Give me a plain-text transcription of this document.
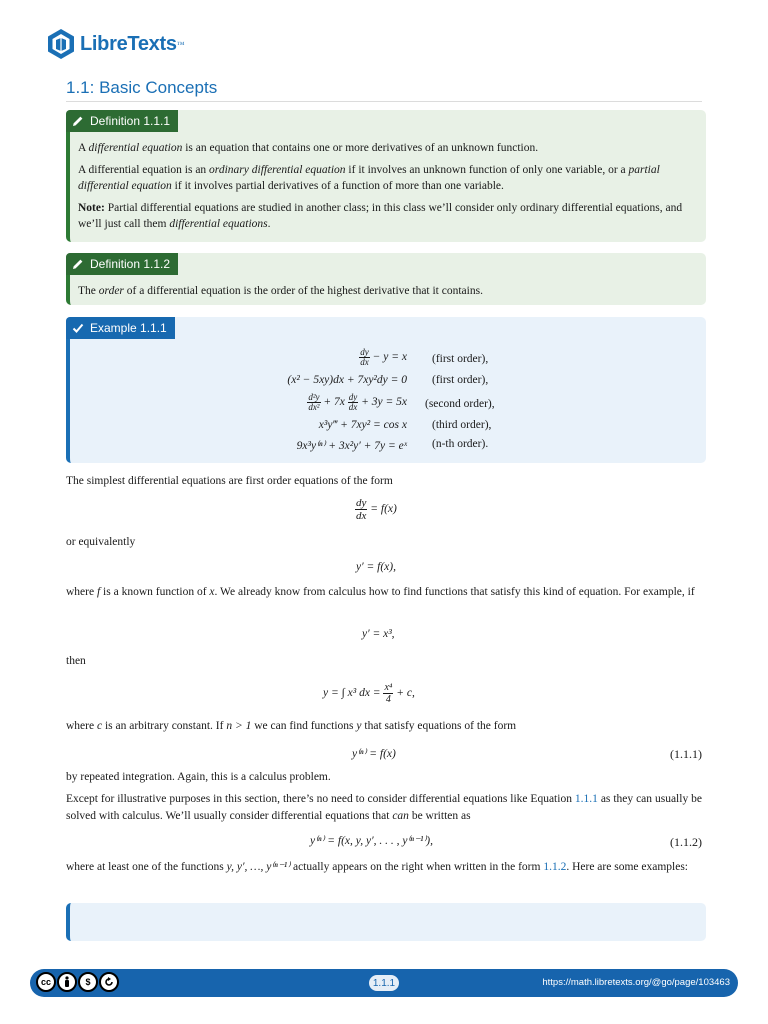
LibreTexts ™
1.1: Basic Concepts
Definition 1.1.1

A differential equation is an equation that contains one or more derivatives of an unknown function.

A differential equation is an ordinary differential equation if it involves an unknown function of only one variable, or a partial differential equation if it involves partial derivatives of a function of more than one variable.

Note: Partial differential equations are studied in another class; in this class we’ll consider only ordinary differential equations, and we’ll just call them differential equations.

Definition 1.1.2

The order of a differential equation is the order of the highest derivative that it contains.

Example 1.1.1
$\frac{dy}{dx} - y = x$ (first order),
(x² − 5xy)dx + 7xy²dy = 0 (first order),
$\frac{\text{d²y}}{\text{dx²}} + 7x \frac{dy}{dx} + 3y = 5x$ (second order),
x³y‴ + 7xy² = cos x (third order),
9x³y⁽ⁿ⁾ + 3x²y′ + 7y = eˣ (n-th order).
The simplest differential equations are first order equations of the form
$\frac{dy}{dx} = f(x)$
or equivalently
y′ = f(x),
where f is a known function of x. We already know from calculus how to find functions that satisfy this kind of equation. For example, if
y′ = x³,
then
y = ∫ x³ dx = $\frac{\text{x⁴}}{4} + c$,
where c is an arbitrary constant. If n > 1 we can find functions y that satisfy equations of the form
y⁽ⁿ⁾ = f(x)	(1.1.1)
by repeated integration. Again, this is a calculus problem.
Except for illustrative purposes in this section, there’s no need to consider differential equations like Equation 1.1.1 as they can usually be solved with calculus. We’ll usually consider differential equations that can be written as
y⁽ⁿ⁾ = f(x, y, y′, . . . , y⁽ⁿ⁻¹⁾),	(1.1.2)
where at least one of the functions y, y′, …, y⁽ⁿ⁻¹⁾ actually appears on the right when written in the form 1.1.2. Here are some examples:
cc	$	1.1.1	https://math.libretexts.org/@go/page/103463
